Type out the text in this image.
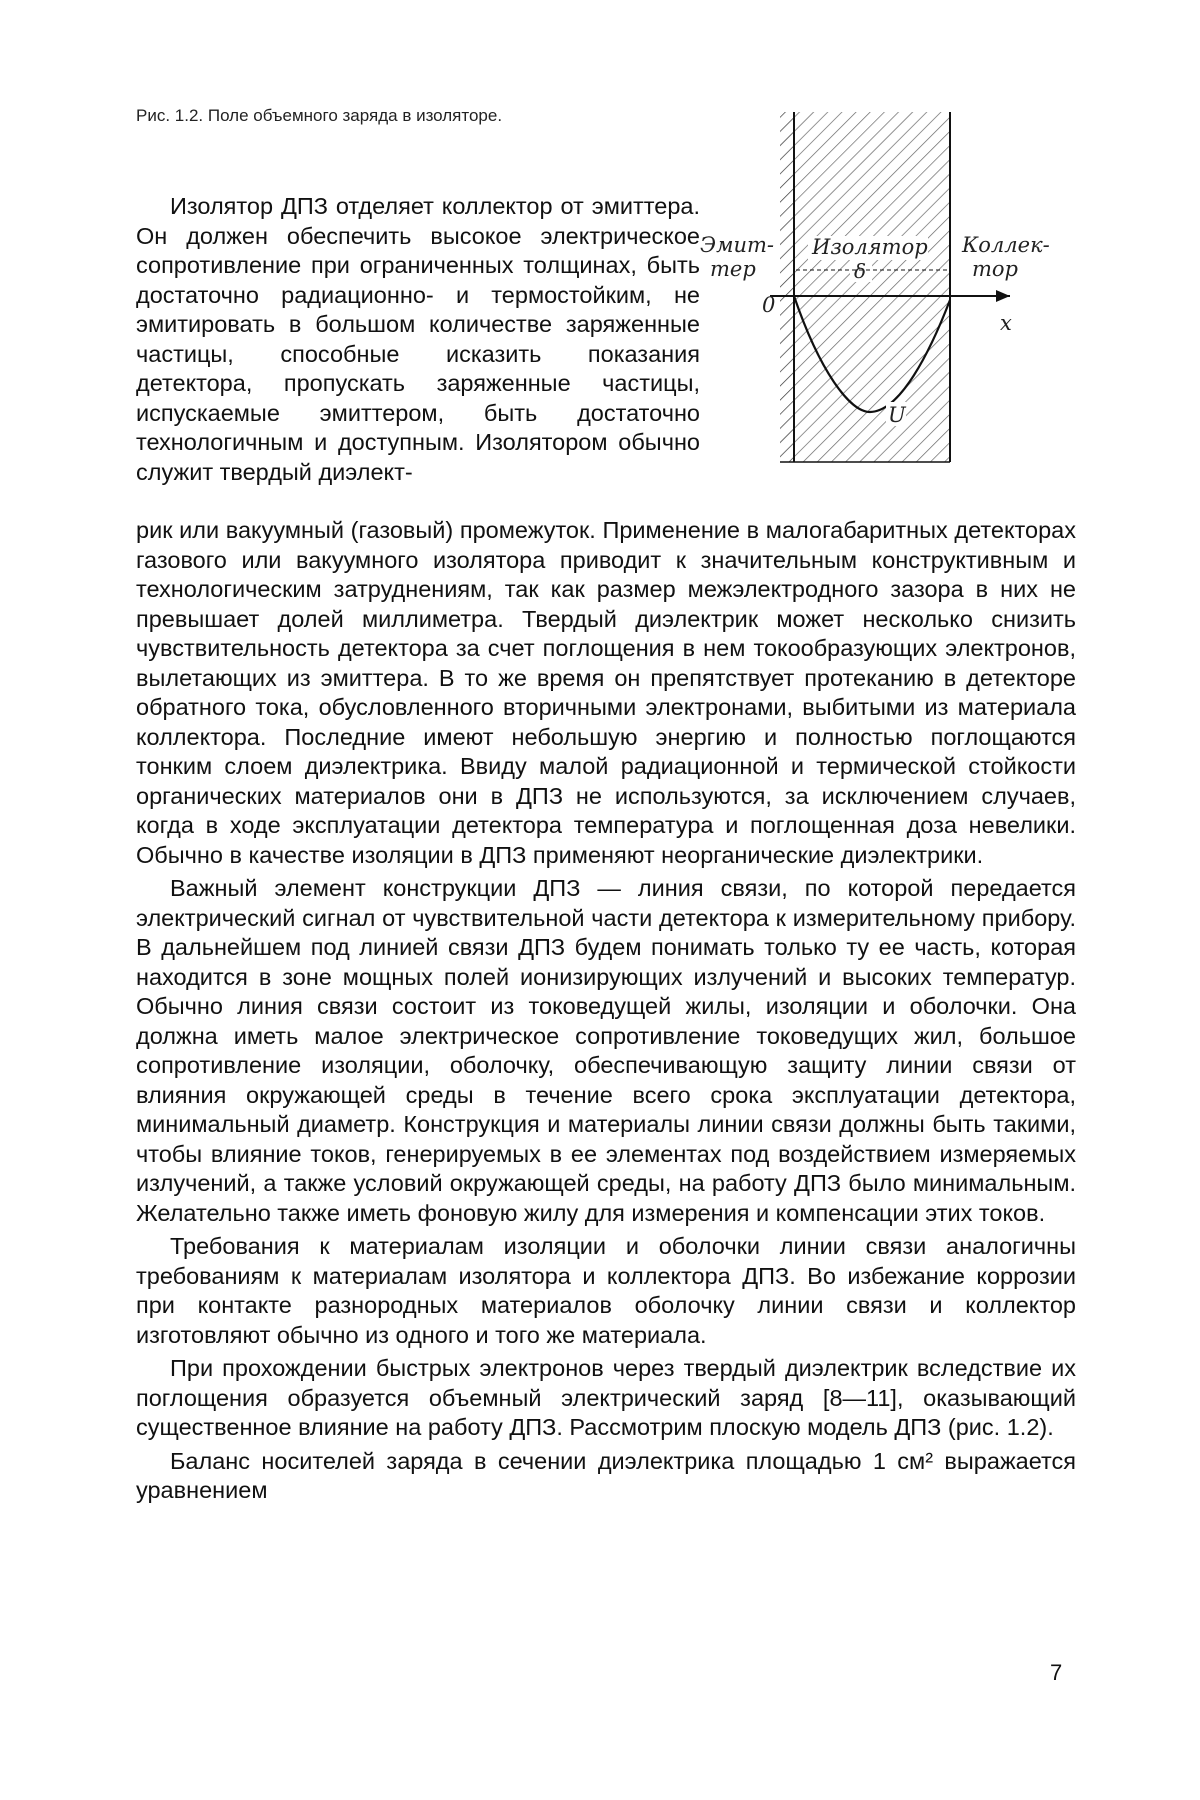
Рис. 1.2. Поле объемного заряда в изоляторе.
Эмит-
тер
Изолятор
δ
Коллек-
тор
0
x
U

Изолятор ДПЗ отделяет коллектор от эмиттера. Он должен обеспечить высокое электрическое сопротивление при ограниченных толщинах, быть достаточно радиационно- и термостойким, не эмитировать в большом количестве заряженные частицы, способные исказить показания детектора, пропускать заряженные частицы, испускаемые эмиттером, быть достаточно технологичным и доступным. Изолятором обычно служит твердый диэлект-

рик или вакуумный (газовый) промежуток. Применение в малогабаритных детекторах газового или вакуумного изолятора приводит к значительным конструктивным и технологическим затруднениям, так как размер межэлектродного зазора в них не превышает долей миллиметра. Твердый диэлектрик может несколько снизить чувствительность детектора за счет поглощения в нем токообразующих электронов, вылетающих из эмиттера. В то же время он препятствует протеканию в детекторе обратного тока, обусловленного вторичными электронами, выбитыми из материала коллектора. Последние имеют небольшую энергию и полностью поглощаются тонким слоем диэлектрика. Ввиду малой радиационной и термической стойкости органических материалов они в ДПЗ не используются, за исключением случаев, когда в ходе эксплуатации детектора температура и поглощенная доза невелики. Обычно в качестве изоляции в ДПЗ применяют неорганические диэлектрики.

Важный элемент конструкции ДПЗ — линия связи, по которой передается электрический сигнал от чувствительной части детектора к измерительному прибору. В дальнейшем под линией связи ДПЗ будем понимать только ту ее часть, которая находится в зоне мощных полей ионизирующих излучений и высоких температур. Обычно линия связи состоит из токоведущей жилы, изоляции и оболочки. Она должна иметь малое электрическое сопротивление токоведущих жил, большое сопротивление изоляции, оболочку, обеспечивающую защиту линии связи от влияния окружающей среды в течение всего срока эксплуатации детектора, минимальный диаметр. Конструкция и материалы линии связи должны быть такими, чтобы влияние токов, генерируемых в ее элементах под воздействием измеряемых излучений, а также условий окружающей среды, на работу ДПЗ было минимальным. Желательно также иметь фоновую жилу для измерения и компенсации этих токов.

Требования к материалам изоляции и оболочки линии связи аналогичны требованиям к материалам изолятора и коллектора ДПЗ. Во избежание коррозии при контакте разнородных материалов оболочку линии связи и коллектор изготовляют обычно из одного и того же материала.

При прохождении быстрых электронов через твердый диэлектрик вследствие их поглощения образуется объемный электрический заряд [8—11], оказывающий существенное влияние на работу ДПЗ. Рассмотрим плоскую модель ДПЗ (рис. 1.2).

Баланс носителей заряда в сечении диэлектрика площадью 1 см² выражается уравнением

7
